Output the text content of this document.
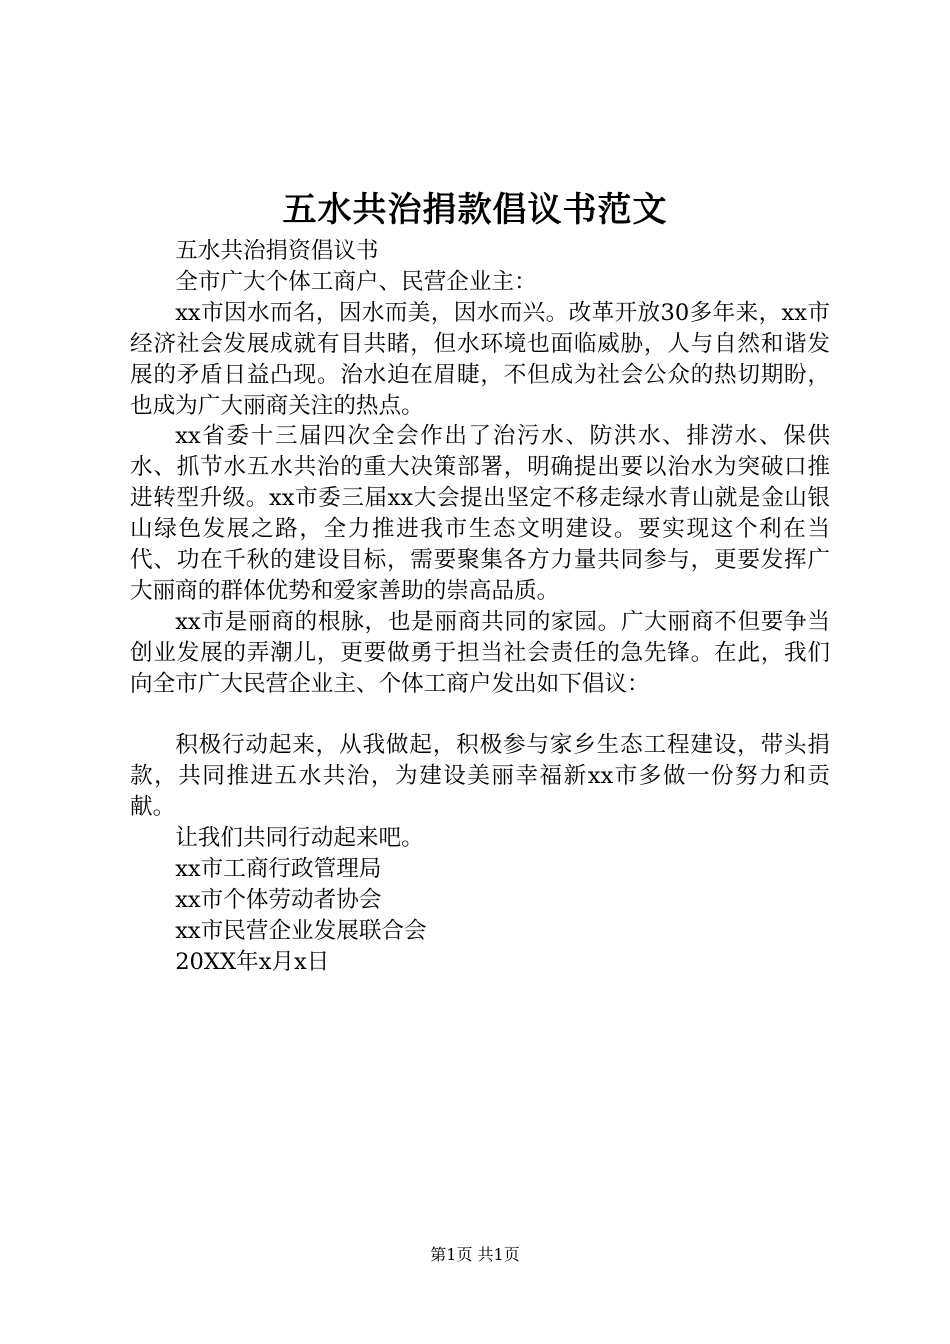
五水共治捐款倡议书范文

五水共治捐资倡议书

全市广大个体工商户、民营企业主：

xx市因水而名，因水而美，因水而兴。改革开放30多年来，xx市经济社会发展成就有目共睹，但水环境也面临威胁，人与自然和谐发展的矛盾日益凸现。治水迫在眉睫，不但成为社会公众的热切期盼，也成为广大丽商关注的热点。

xx省委十三届四次全会作出了治污水、防洪水、排涝水、保供水、抓节水五水共治的重大决策部署，明确提出要以治水为突破口推进转型升级。xx市委三届xx大会提出坚定不移走绿水青山就是金山银山绿色发展之路，全力推进我市生态文明建设。要实现这个利在当代、功在千秋的建设目标，需要聚集各方力量共同参与，更要发挥广大丽商的群体优势和爱家善助的崇高品质。

xx市是丽商的根脉，也是丽商共同的家园。广大丽商不但要争当创业发展的弄潮儿，更要做勇于担当社会责任的急先锋。在此，我们向全市广大民营企业主、个体工商户发出如下倡议：

积极行动起来，从我做起，积极参与家乡生态工程建设，带头捐款，共同推进五水共治，为建设美丽幸福新xx市多做一份努力和贡献。

让我们共同行动起来吧。

xx市工商行政管理局

xx市个体劳动者协会

xx市民营企业发展联合会

20XX年x月x日

第1页 共1页
